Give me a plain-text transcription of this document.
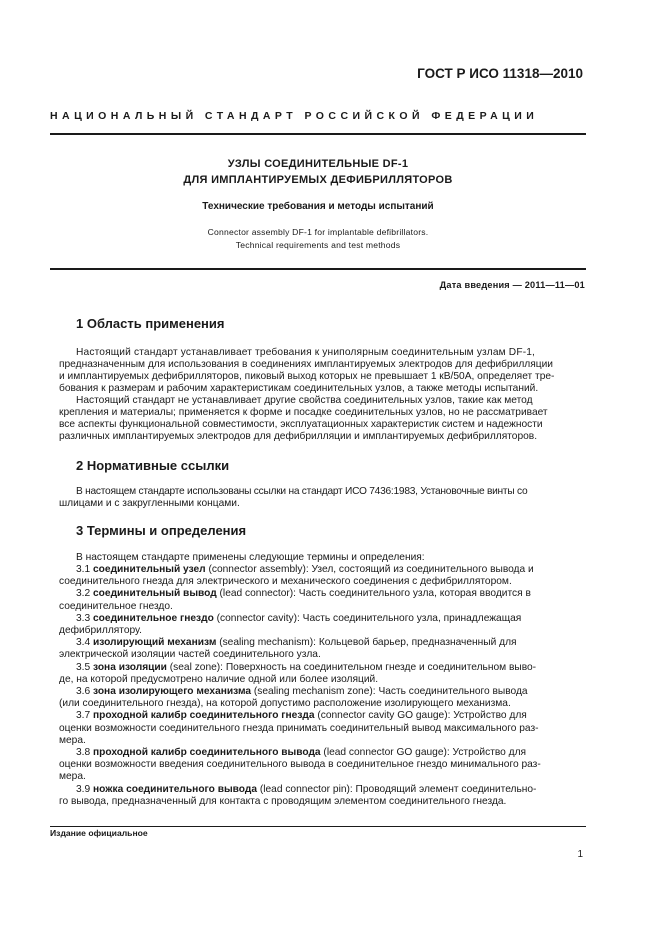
ГОСТ Р ИСО 11318—2010
НАЦИОНАЛЬНЫЙ СТАНДАРТ РОССИЙСКОЙ ФЕДЕРАЦИИ
УЗЛЫ СОЕДИНИТЕЛЬНЫЕ DF-1
ДЛЯ ИМПЛАНТИРУЕМЫХ ДЕФИБРИЛЛЯТОРОВ
Технические требования и методы испытаний
Connector assembly DF-1 for implantable defibrillators.
Technical requirements and test methods
Дата введения — 2011—11—01
1 Область применения
Настоящий стандарт устанавливает требования к униполярным соединительным узлам DF-1,
предназначенным для использования в соединениях имплантируемых электродов для дефибрилляции
и имплантируемых дефибрилляторов, пиковый выход которых не превышает 1 кВ/50А, определяет тре-
бования к размерам и рабочим характеристикам соединительных узлов, а также методы испытаний.
Настоящий стандарт не устанавливает другие свойства соединительных узлов, такие как метод
крепления и материалы; применяется к форме и посадке соединительных узлов, но не рассматривает
все аспекты функциональной совместимости, эксплуатационных характеристик систем и надежности
различных имплантируемых электродов для дефибрилляции и имплантируемых дефибрилляторов.
2 Нормативные ссылки
В настоящем стандарте использованы ссылки на стандарт ИСО 7436:1983, Установочные винты со
шлицами и с закругленными концами.
3 Термины и определения
В настоящем стандарте применены следующие термины и определения:
3.1 соединительный узел (connector assembly): Узел, состоящий из соединительного вывода и
соединительного гнезда для электрического и механического соединения с дефибриллятором.
3.2 соединительный вывод (lead connector): Часть соединительного узла, которая вводится в
соединительное гнездо.
3.3 соединительное гнездо (connector cavity): Часть соединительного узла, принадлежащая
дефибриллятору.
3.4 изолирующий механизм (sealing mechanism): Кольцевой барьер, предназначенный для
электрической изоляции частей соединительного узла.
3.5 зона изоляции (seal zone): Поверхность на соединительном гнезде и соединительном выво-
де, на которой предусмотрено наличие одной или более изоляций.
3.6 зона изолирующего механизма (sealing mechanism zone): Часть соединительного вывода
(или соединительного гнезда), на которой допустимо расположение изолирующего механизма.
3.7 проходной калибр соединительного гнезда (connector cavity GO gauge): Устройство для
оценки возможности соединительного гнезда принимать соединительный вывод максимального раз-
мера.
3.8 проходной калибр соединительного вывода (lead connector GO gauge): Устройство для
оценки возможности введения соединительного вывода в соединительное гнездо минимального раз-
мера.
3.9 ножка соединительного вывода (lead connector pin): Проводящий элемент соединительно-
го вывода, предназначенный для контакта с проводящим элементом соединительного гнезда.
Издание официальное
1
